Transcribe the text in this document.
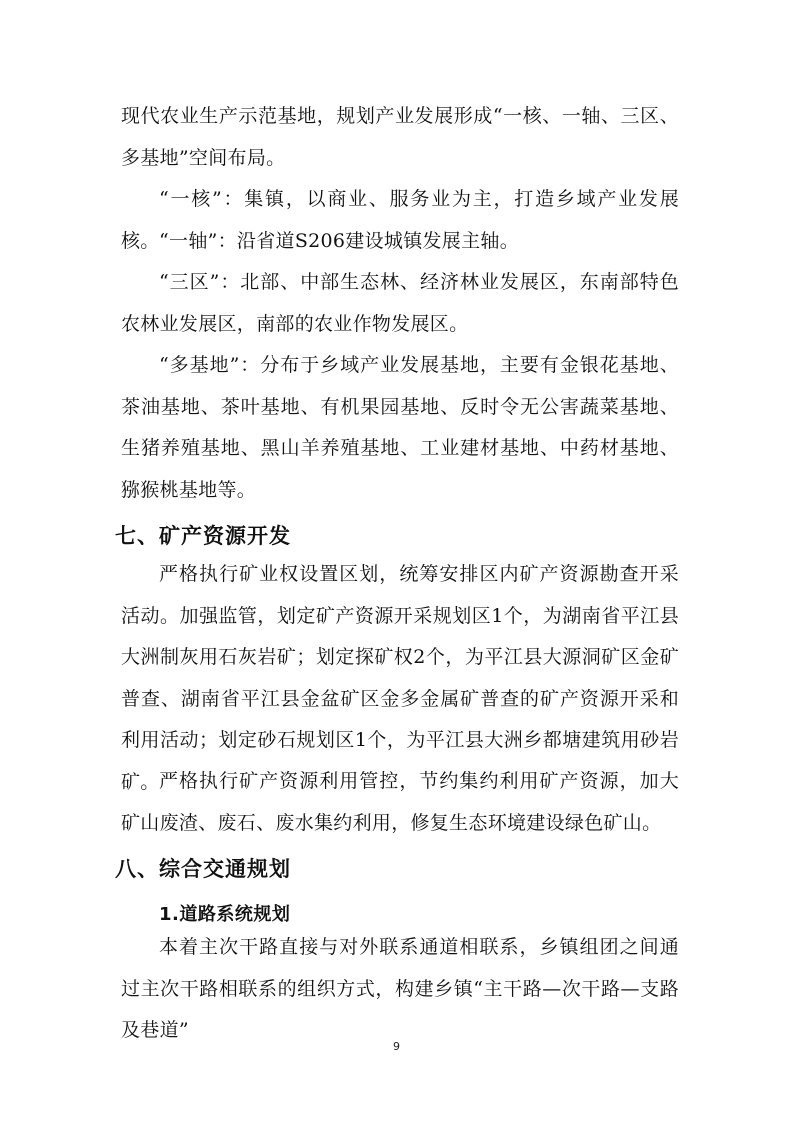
现代农业生产示范基地，规划产业发展形成“一核、一轴、三区、多基地”空间布局。

“一核”：集镇，以商业、服务业为主，打造乡域产业发展核。 “一轴”：沿省道S206建设城镇发展主轴。

“三区”：北部、中部生态林、经济林业发展区，东南部特色农林业发展区，南部的农业作物发展区。

“多基地”：分布于乡域产业发展基地，主要有金银花基地、茶油基地、茶叶基地、有机果园基地、反时令无公害蔬菜基地、生猪养殖基地、黑山羊养殖基地、工业建材基地、中药材基地、猕猴桃基地等。

七、矿产资源开发

严格执行矿业权设置区划，统筹安排区内矿产资源勘查开采活动。加强监管，划定矿产资源开采规划区1个，为湖南省平江县大洲制灰用石灰岩矿；划定探矿权2个，为平江县大源洞矿区金矿普查、湖南省平江县金盆矿区金多金属矿普查的矿产资源开采和利用活动；划定砂石规划区1个，为平江县大洲乡都塘建筑用砂岩矿。 严格执行矿产资源利用管控，节约集约利用矿产资源，加大矿山废渣、废石、废水集约利用，修复生态环境建设绿色矿山。

八、综合交通规划
1.道路系统规划

本着主次干路直接与对外联系通道相联系，乡镇组团之间通过主次干路相联系的组织方式，构建乡镇“主干路—次干路—支路及巷道”

9
